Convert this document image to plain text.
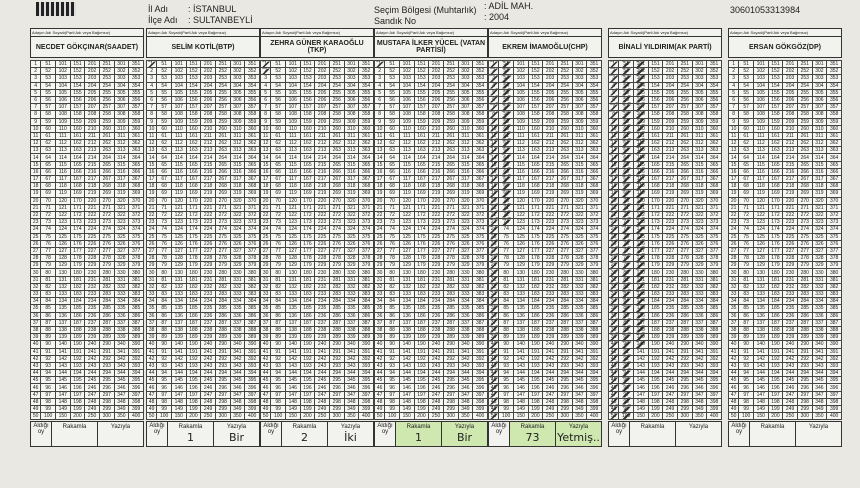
İl Adı : İSTANBUL
İlçe Adı : SULTANBEYLİ
Seçim Bölgesi (Muhtarlık) : ADİL MAH.
Sandık No	: 2004
30601053313984
Adayın Adı Soyadı(Parti Adı veya Bağımsız)
NECDET GÖKÇINAR(SAADET)
1	51	101	151	201	251	301	351
2	52	102	152	202	252	302	352
3	53	103	153	203	253	303	353
4	54	104	154	204	254	304	354
5	55	105	155	205	255	305	355
6	56	106	156	206	256	306	356
7	57	107	157	207	257	307	357
8	58	108	158	208	258	308	358
9	59	109	159	209	259	309	359
10	60	110	160	210	260	310	360
11	61	111	161	211	261	311	361
12	62	112	162	212	262	312	362
13	63	113	163	213	263	313	363
14	64	114	164	214	264	314	364
15	65	115	165	215	265	315	365
16	66	116	166	216	266	316	366
17	67	117	167	217	267	317	367
18	68	118	168	218	268	318	368
19	69	119	169	219	269	319	369
20	70	120	170	220	270	320	370
21	71	121	171	221	271	321	371
22	72	122	172	222	272	322	372
23	73	123	173	223	273	323	373
24	74	124	174	224	274	324	374
25	75	125	175	225	275	325	375
26	76	126	176	226	276	326	376
27	77	127	177	227	277	327	377
28	78	128	178	228	278	328	378
29	79	129	179	229	279	329	379
30	80	130	180	230	280	330	380
31	81	131	181	231	281	331	381
32	82	132	182	232	282	332	382
33	83	133	183	233	283	333	383
34	84	134	184	234	284	334	384
35	85	135	185	235	285	335	385
36	86	136	186	236	286	336	386
37	87	137	187	237	287	337	387
38	88	138	188	238	288	338	388
39	89	139	189	239	289	339	389
40	90	140	190	240	290	340	390
41	91	141	191	241	291	341	391
42	92	142	192	242	292	342	392
43	93	143	193	243	293	343	393
44	94	144	194	244	294	344	394
45	95	145	195	245	295	345	395
46	96	146	196	246	296	346	396
47	97	147	197	247	297	347	397
48	98	148	198	248	298	348	398
49	99	149	199	249	299	349	399
50	100	150	200	250	300	350	400
Aldığı oy
Rakamla	Yazıyla
Adayın Adı Soyadı(Parti Adı veya Bağımsız)
SELİM KOTİL(BTP)
1	51	101	151	201	251	301	351
2	52	102	152	202	252	302	352
3	53	103	153	203	253	303	353
4	54	104	154	204	254	304	354
5	55	105	155	205	255	305	355
6	56	106	156	206	256	306	356
7	57	107	157	207	257	307	357
8	58	108	158	208	258	308	358
9	59	109	159	209	259	309	359
10	60	110	160	210	260	310	360
11	61	111	161	211	261	311	361
12	62	112	162	212	262	312	362
13	63	113	163	213	263	313	363
14	64	114	164	214	264	314	364
15	65	115	165	215	265	315	365
16	66	116	166	216	266	316	366
17	67	117	167	217	267	317	367
18	68	118	168	218	268	318	368
19	69	119	169	219	269	319	369
20	70	120	170	220	270	320	370
21	71	121	171	221	271	321	371
22	72	122	172	222	272	322	372
23	73	123	173	223	273	323	373
24	74	124	174	224	274	324	374
25	75	125	175	225	275	325	375
26	76	126	176	226	276	326	376
27	77	127	177	227	277	327	377
28	78	128	178	228	278	328	378
29	79	129	179	229	279	329	379
30	80	130	180	230	280	330	380
31	81	131	181	231	281	331	381
32	82	132	182	232	282	332	382
33	83	133	183	233	283	333	383
34	84	134	184	234	284	334	384
35	85	135	185	235	285	335	385
36	86	136	186	236	286	336	386
37	87	137	187	237	287	337	387
38	88	138	188	238	288	338	388
39	89	139	189	239	289	339	389
40	90	140	190	240	290	340	390
41	91	141	191	241	291	341	391
42	92	142	192	242	292	342	392
43	93	143	193	243	293	343	393
44	94	144	194	244	294	344	394
45	95	145	195	245	295	345	395
46	96	146	196	246	296	346	396
47	97	147	197	247	297	347	397
48	98	148	198	248	298	348	398
49	99	149	199	249	299	349	399
50	100	150	200	250	300	350	400
Aldığı oy
Rakamla
1
Yazıyla
Bir
Adayın Adı Soyadı(Parti Adı veya Bağımsız)
ZEHRA GÜNER KARAOĞLU (TKP)
1	51	101	151	201	251	301	351
2	52	102	152	202	252	302	352
3	53	103	153	203	253	303	353
4	54	104	154	204	254	304	354
5	55	105	155	205	255	305	355
6	56	106	156	206	256	306	356
7	57	107	157	207	257	307	357
8	58	108	158	208	258	308	358
9	59	109	159	209	259	309	359
10	60	110	160	210	260	310	360
11	61	111	161	211	261	311	361
12	62	112	162	212	262	312	362
13	63	113	163	213	263	313	363
14	64	114	164	214	264	314	364
15	65	115	165	215	265	315	365
16	66	116	166	216	266	316	366
17	67	117	167	217	267	317	367
18	68	118	168	218	268	318	368
19	69	119	169	219	269	319	369
20	70	120	170	220	270	320	370
21	71	121	171	221	271	321	371
22	72	122	172	222	272	322	372
23	73	123	173	223	273	323	373
24	74	124	174	224	274	324	374
25	75	125	175	225	275	325	375
26	76	126	176	226	276	326	376
27	77	127	177	227	277	327	377
28	78	128	178	228	278	328	378
29	79	129	179	229	279	329	379
30	80	130	180	230	280	330	380
31	81	131	181	231	281	331	381
32	82	132	182	232	282	332	382
33	83	133	183	233	283	333	383
34	84	134	184	234	284	334	384
35	85	135	185	235	285	335	385
36	86	136	186	236	286	336	386
37	87	137	187	237	287	337	387
38	88	138	188	238	288	338	388
39	89	139	189	239	289	339	389
40	90	140	190	240	290	340	390
41	91	141	191	241	291	341	391
42	92	142	192	242	292	342	392
43	93	143	193	243	293	343	393
44	94	144	194	244	294	344	394
45	95	145	195	245	295	345	395
46	96	146	196	246	296	346	396
47	97	147	197	247	297	347	397
48	98	148	198	248	298	348	398
49	99	149	199	249	299	349	399
50	100	150	200	250	300	350	400
Aldığı oy
Rakamla
2
Yazıyla
İki
Adayın Adı Soyadı(Parti Adı veya Bağımsız)
MUSTAFA İLKER YÜCEL (VATAN PARTİSİ)
1	51	101	151	201	251	301	351
2	52	102	152	202	252	302	352
3	53	103	153	203	253	303	353
4	54	104	154	204	254	304	354
5	55	105	155	205	255	305	355
6	56	106	156	206	256	306	356
7	57	107	157	207	257	307	357
8	58	108	158	208	258	308	358
9	59	109	159	209	259	309	359
10	60	110	160	210	260	310	360
11	61	111	161	211	261	311	361
12	62	112	162	212	262	312	362
13	63	113	163	213	263	313	363
14	64	114	164	214	264	314	364
15	65	115	165	215	265	315	365
16	66	116	166	216	266	316	366
17	67	117	167	217	267	317	367
18	68	118	168	218	268	318	368
19	69	119	169	219	269	319	369
20	70	120	170	220	270	320	370
21	71	121	171	221	271	321	371
22	72	122	172	222	272	322	372
23	73	123	173	223	273	323	373
24	74	124	174	224	274	324	374
25	75	125	175	225	275	325	375
26	76	126	176	226	276	326	376
27	77	127	177	227	277	327	377
28	78	128	178	228	278	328	378
29	79	129	179	229	279	329	379
30	80	130	180	230	280	330	380
31	81	131	181	231	281	331	381
32	82	132	182	232	282	332	382
33	83	133	183	233	283	333	383
34	84	134	184	234	284	334	384
35	85	135	185	235	285	335	385
36	86	136	186	236	286	336	386
37	87	137	187	237	287	337	387
38	88	138	188	238	288	338	388
39	89	139	189	239	289	339	389
40	90	140	190	240	290	340	390
41	91	141	191	241	291	341	391
42	92	142	192	242	292	342	392
43	93	143	193	243	293	343	393
44	94	144	194	244	294	344	394
45	95	145	195	245	295	345	395
46	96	146	196	246	296	346	396
47	97	147	197	247	297	347	397
48	98	148	198	248	298	348	398
49	99	149	199	249	299	349	399
50	100	150	200	250	300	350	400
Aldığı oy
Rakamla
1
Yazıyla
Bir
Adayın Adı Soyadı(Parti Adı veya Bağımsız)
EKREM İMAMOĞLU(CHP)
1	51	101	151	201	251	301	351
2	52	102	152	202	252	302	352
3	53	103	153	203	253	303	353
4	54	104	154	204	254	304	354
5	55	105	155	205	255	305	355
6	56	106	156	206	256	306	356
7	57	107	157	207	257	307	357
8	58	108	158	208	258	308	358
9	59	109	159	209	259	309	359
10	60	110	160	210	260	310	360
11	61	111	161	211	261	311	361
12	62	112	162	212	262	312	362
13	63	113	163	213	263	313	363
14	64	114	164	214	264	314	364
15	65	115	165	215	265	315	365
16	66	116	166	216	266	316	366
17	67	117	167	217	267	317	367
18	68	118	168	218	268	318	368
19	69	119	169	219	269	319	369
20	70	120	170	220	270	320	370
21	71	121	171	221	271	321	371
22	72	122	172	222	272	322	372
23	73	123	173	223	273	323	373
24	74	124	174	224	274	324	374
25	75	125	175	225	275	325	375
26	76	126	176	226	276	326	376
27	77	127	177	227	277	327	377
28	78	128	178	228	278	328	378
29	79	129	179	229	279	329	379
30	80	130	180	230	280	330	380
31	81	131	181	231	281	331	381
32	82	132	182	232	282	332	382
33	83	133	183	233	283	333	383
34	84	134	184	234	284	334	384
35	85	135	185	235	285	335	385
36	86	136	186	236	286	336	386
37	87	137	187	237	287	337	387
38	88	138	188	238	288	338	388
39	89	139	189	239	289	339	389
40	90	140	190	240	290	340	390
41	91	141	191	241	291	341	391
42	92	142	192	242	292	342	392
43	93	143	193	243	293	343	393
44	94	144	194	244	294	344	394
45	95	145	195	245	295	345	395
46	96	146	196	246	296	346	396
47	97	147	197	247	297	347	397
48	98	148	198	248	298	348	398
49	99	149	199	249	299	349	399
50	100	150	200	250	300	350	400
Aldığı oy
Rakamla
73
Yazıyla
Yetmiş..
Adayın Adı Soyadı(Parti Adı veya Bağımsız)
BİNALİ YILDIRIM(AK PARTİ)
1	51	101	151	201	251	301	351
2	52	102	152	202	252	302	352
3	53	103	153	203	253	303	353
4	54	104	154	204	254	304	354
5	55	105	155	205	255	305	355
6	56	106	156	206	256	306	356
7	57	107	157	207	257	307	357
8	58	108	158	208	258	308	358
9	59	109	159	209	259	309	359
10	60	110	160	210	260	310	360
11	61	111	161	211	261	311	361
12	62	112	162	212	262	312	362
13	63	113	163	213	263	313	363
14	64	114	164	214	264	314	364
15	65	115	165	215	265	315	365
16	66	116	166	216	266	316	366
17	67	117	167	217	267	317	367
18	68	118	168	218	268	318	368
19	69	119	169	219	269	319	369
20	70	120	170	220	270	320	370
21	71	121	171	221	271	321	371
22	72	122	172	222	272	322	372
23	73	123	173	223	273	323	373
24	74	124	174	224	274	324	374
25	75	125	175	225	275	325	375
26	76	126	176	226	276	326	376
27	77	127	177	227	277	327	377
28	78	128	178	228	278	328	378
29	79	129	179	229	279	329	379
30	80	130	180	230	280	330	380
31	81	131	181	231	281	331	381
32	82	132	182	232	282	332	382
33	83	133	183	233	283	333	383
34	84	134	184	234	284	334	384
35	85	135	185	235	285	335	385
36	86	136	186	236	286	336	386
37	87	137	187	237	287	337	387
38	88	138	188	238	288	338	388
39	89	139	189	239	289	339	389
40	90	140	190	240	290	340	390
41	91	141	191	241	291	341	391
42	92	142	192	242	292	342	392
43	93	143	193	243	293	343	393
44	94	144	194	244	294	344	394
45	95	145	195	245	295	345	395
46	96	146	196	246	296	346	396
47	97	147	197	247	297	347	397
48	98	148	198	248	298	348	398
49	99	149	199	249	299	349	399
50	100	150	200	250	300	350	400
Aldığı oy
Rakamla	Yazıyla
Adayın Adı Soyadı(Parti Adı veya Bağımsız)
ERSAN GÖKGÖZ(DP)
1	51	101	151	201	251	301	351
2	52	102	152	202	252	302	352
3	53	103	153	203	253	303	353
4	54	104	154	204	254	304	354
5	55	105	155	205	255	305	355
6	56	106	156	206	256	306	356
7	57	107	157	207	257	307	357
8	58	108	158	208	258	308	358
9	59	109	159	209	259	309	359
10	60	110	160	210	260	310	360
11	61	111	161	211	261	311	361
12	62	112	162	212	262	312	362
13	63	113	163	213	263	313	363
14	64	114	164	214	264	314	364
15	65	115	165	215	265	315	365
16	66	116	166	216	266	316	366
17	67	117	167	217	267	317	367
18	68	118	168	218	268	318	368
19	69	119	169	219	269	319	369
20	70	120	170	220	270	320	370
21	71	121	171	221	271	321	371
22	72	122	172	222	272	322	372
23	73	123	173	223	273	323	373
24	74	124	174	224	274	324	374
25	75	125	175	225	275	325	375
26	76	126	176	226	276	326	376
27	77	127	177	227	277	327	377
28	78	128	178	228	278	328	378
29	79	129	179	229	279	329	379
30	80	130	180	230	280	330	380
31	81	131	181	231	281	331	381
32	82	132	182	232	282	332	382
33	83	133	183	233	283	333	383
34	84	134	184	234	284	334	384
35	85	135	185	235	285	335	385
36	86	136	186	236	286	336	386
37	87	137	187	237	287	337	387
38	88	138	188	238	288	338	388
39	89	139	189	239	289	339	389
40	90	140	190	240	290	340	390
41	91	141	191	241	291	341	391
42	92	142	192	242	292	342	392
43	93	143	193	243	293	343	393
44	94	144	194	244	294	344	394
45	95	145	195	245	295	345	395
46	96	146	196	246	296	346	396
47	97	147	197	247	297	347	397
48	98	148	198	248	298	348	398
49	99	149	199	249	299	349	399
50	100	150	200	250	300	350	400
Aldığı oy
Rakamla	Yazıyla
